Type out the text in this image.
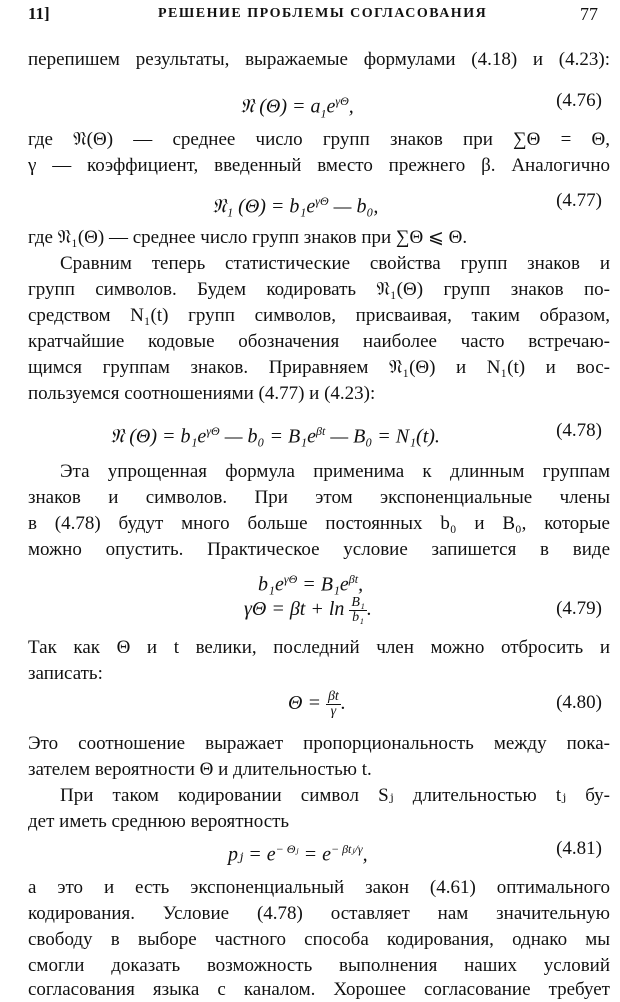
11]	РЕШЕНИЕ ПРОБЛЕМЫ СОГЛАСОВАНИЯ	77
перепишем результаты, выражаемые формулами (4.18) и (4.23):
𝔑 $(\Theta) = a_1e^{\gamma\Theta}$,	(4.76)
где 𝔑(Θ) — среднее число групп знаков при ∑Θ = Θ,
γ — коэффициент, введенный вместо прежнего β. Аналогично
𝔑₁ $(\Theta) = b_1e^{\gamma\Theta}$ — b₀,	(4.77)
где 𝔑₁(Θ) — среднее число групп знаков при ∑Θ ⩽ Θ.
Сравним теперь статистические свойства групп знаков и
групп символов. Будем кодировать 𝔑₁(Θ) групп знаков по-
средством N₁(t) групп символов, присваивая, таким образом,
кратчайшие кодовые обозначения наиболее часто встречаю-
щимся группам знаков. Приравняем 𝔑₁(Θ) и N₁(t) и вос-
пользуемся соотношениями (4.77) и (4.23):
𝔑 $(\Theta) = b_1e^{\gamma\Theta}$ — $b_0 = B_1e^{\beta t}$ — B₀ = N₁(t).	(4.78)
Эта упрощенная формула применима к длинным группам
знаков и символов. При этом экспоненциальные члены
в (4.78) будут много больше постоянных b₀ и B₀, которые
можно опустить. Практическое условие запишется в виде
$b_1e^{\gamma\Theta} = B_1e^{\beta t}$,
$\gamma\Theta = \beta t + \ln \frac{\text{B₁}}{\text{b₁}}$ .	(4.79)
Так как Θ и t велики, последний член можно отбросить и
записать:
$\Theta = \frac{\beta t}{\gamma}$ .	(4.80)
Это соотношение выражает пропорциональность между пока-
зателем вероятности Θ и длительностью t.
При таком кодировании символ Sⱼ длительностью tⱼ бу-
дет иметь среднюю вероятность
pⱼ = $e^{- \Theta ⱼ} = e^{- \beta tⱼ/\gamma}$,	(4.81)
а это и есть экспоненциальный закон (4.61) оптимального
кодирования. Условие (4.78) оставляет нам значительную
свободу в выборе частного способа кодирования, однако мы
смогли доказать возможность выполнения наших условий
согласования языка с каналом. Хорошее согласование требует
